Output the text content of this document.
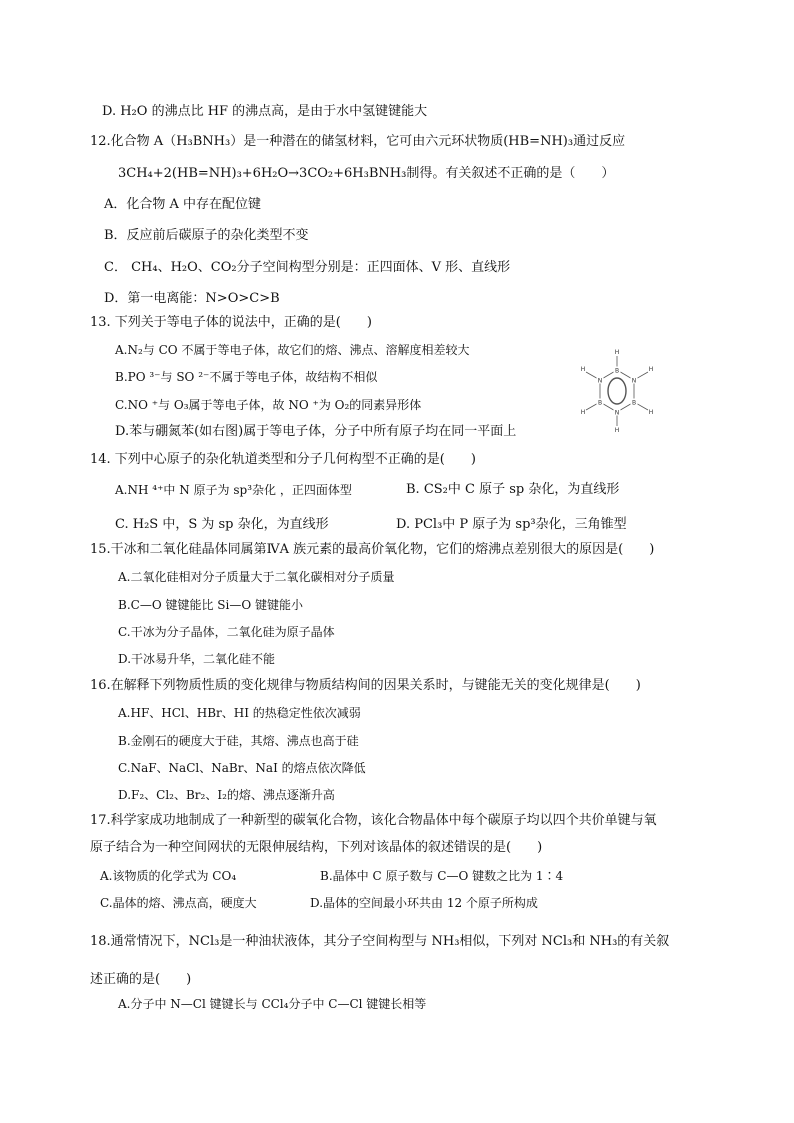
D. H₂O 的沸点比 HF 的沸点高，是由于水中氢键键能大
12.化合物 A（H₃BNH₃）是一种潜在的储氢材料，它可由六元环状物质(HB=NH)₃通过反应
3CH₄+2(HB=NH)₃+6H₂O→3CO₂+6H₃BNH₃制得。有关叙述不正确的是（　　）
A．化合物 A 中存在配位键
B．反应前后碳原子的杂化类型不变
C． CH₄、H₂O、CO₂分子空间构型分别是：正四面体、V 形、直线形
D．第一电离能：N>O>C>B
13. 下列关于等电子体的说法中，正确的是(　　)
A.N₂与 CO 不属于等电子体，故它们的熔、沸点、溶解度相差较大
B.PO ³⁻与 SO ²⁻不属于等电子体，故结构不相似
C.NO ⁺与 O₃属于等电子体，故 NO ⁺为 O₂的同素异形体
D.苯与硼氮苯(如右图)属于等电子体，分子中所有原子均在同一平面上
14. 下列中心原子的杂化轨道类型和分子几何构型不正确的是(　　)
A.NH ⁴⁺中 N 原子为 sp³杂化 ，正四面体型	B. CS₂中 C 原子 sp 杂化，为直线形
C. H₂S 中，S 为 sp 杂化，为直线形	D. PCl₃中 P 原子为 sp³杂化，三角锥型
15.干冰和二氧化硅晶体同属第ⅣA 族元素的最高价氧化物，它们的熔沸点差别很大的原因是(　　)
A.二氧化硅相对分子质量大于二氧化碳相对分子质量
B.C—O 键键能比 Si—O 键键能小
C.干冰为分子晶体，二氧化硅为原子晶体
D.干冰易升华，二氧化硅不能
16.在解释下列物质性质的变化规律与物质结构间的因果关系时，与键能无关的变化规律是(　　)
A.HF、HCl、HBr、HI 的热稳定性依次减弱
B.金刚石的硬度大于硅，其熔、沸点也高于硅
C.NaF、NaCl、NaBr、NaI 的熔点依次降低
D.F₂、Cl₂、Br₂、I₂的熔、沸点逐渐升高
17.科学家成功地制成了一种新型的碳氧化合物，该化合物晶体中每个碳原子均以四个共价单键与氧
原子结合为一种空间网状的无限伸展结构，下列对该晶体的叙述错误的是(　　)
A.该物质的化学式为 CO₄	B.晶体中 C 原子数与 C—O 键数之比为 1∶4
C.晶体的熔、沸点高，硬度大	D.晶体的空间最小环共由 12 个原子所构成
18.通常情况下，NCl₃是一种油状液体，其分子空间构型与 NH₃相似，下列对 NCl₃和 NH₃的有关叙
述正确的是(　　)
A.分子中 N—Cl 键键长与 CCl₄分子中 C—Cl 键键长相等
B
N
B
N
B
N
H
H
H
H
H
H
